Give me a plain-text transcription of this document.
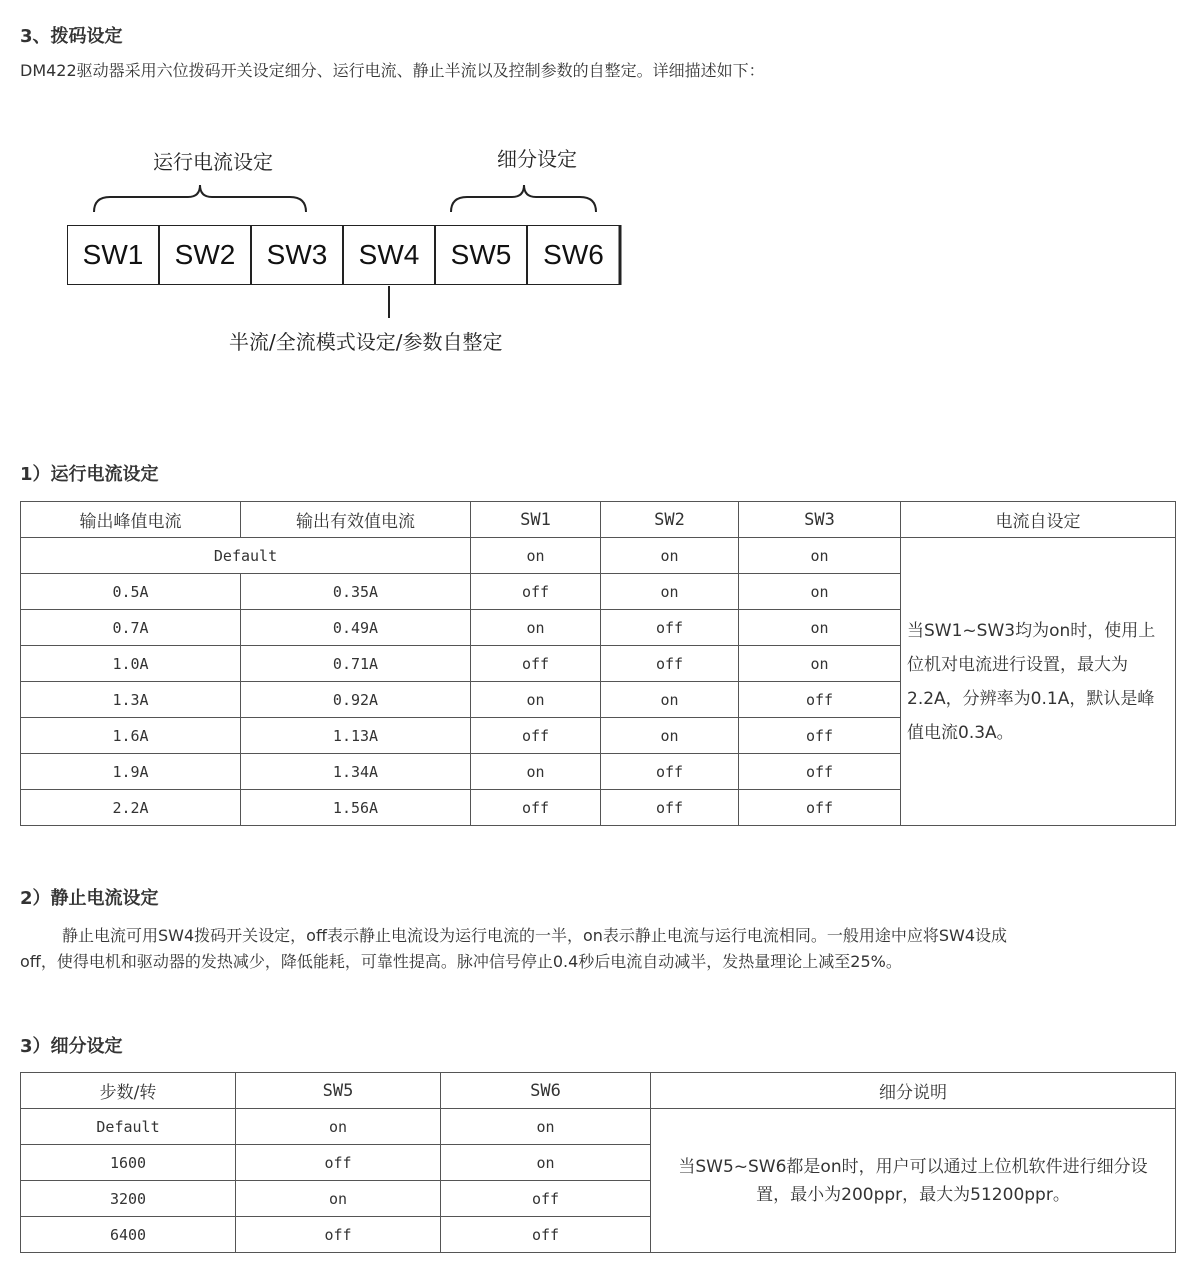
3、拨码设定
DM422驱动器采用六位拨码开关设定细分、运行电流、静止半流以及控制参数的自整定。详细描述如下：
运行电流设定	细分设定
SW1	SW2	SW3	SW4	SW5	SW6
半流/全流模式设定/参数自整定
1）运行电流设定
输出峰值电流	输出有效值电流	SW1	SW2	SW3	电流自设定
Default		on	on	on	当SW1~SW3均为on时，使用上位机对电流进行设置，最大为2.2A，分辨率为0.1A，默认是峰值电流0.3A。
0.5A	0.35A	off	on	on	
0.7A	0.49A	on	off	on	
1.0A	0.71A	off	off	on	
1.3A	0.92A	on	on	off	
1.6A	1.13A	off	on	off	
1.9A	1.34A	on	off	off	
2.2A	1.56A	off	off	off	
2）静止电流设定
静止电流可用SW4拨码开关设定，off表示静止电流设为运行电流的一半，on表示静止电流与运行电流相同。一般用途中应将SW4设成
off，使得电机和驱动器的发热减少，降低能耗，可靠性提高。脉冲信号停止0.4秒后电流自动减半，发热量理论上减至25%。
3）细分设定
步数/转	SW5	SW6	细分说明
Default	on	on	当SW5~SW6都是on时，用户可以通过上位机软件进行细分设置，最小为200ppr，最大为51200ppr。
1600	off	on	
3200	on	off	
6400	off	off	
